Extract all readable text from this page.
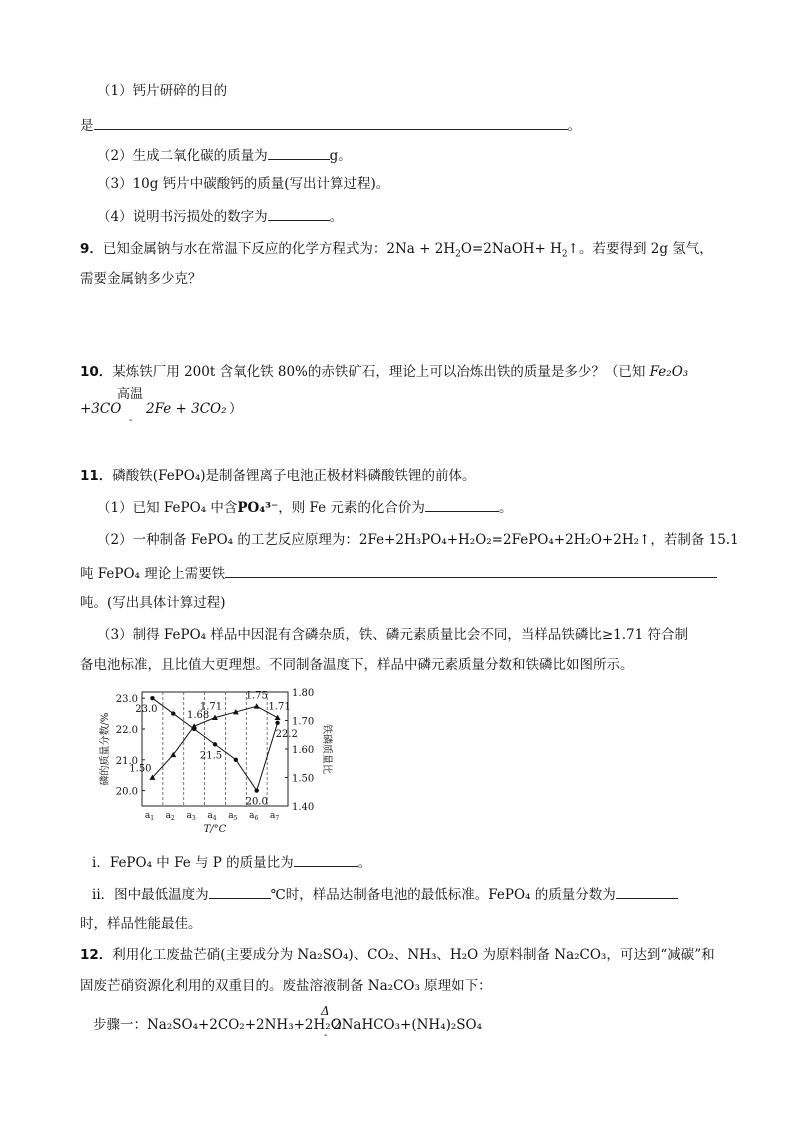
（1）钙片研碎的目的
是	。
（2）生成二氧化碳的质量为	g。
（3）10g 钙片中碳酸钙的质量(写出计算过程)。
（4）说明书污损处的数字为	。
9．已知金属钠与水在常温下反应的化学方程式为：$2Na + 2H_2O=2NaOH+$ $H_2↑$。若要得到 2g 氢气，
需要金属钠多少克？
10．某炼铁厂用 200t 含氧化铁 80%的赤铁矿石，理论上可以冶炼出铁的质量是多少？（已知 Fe₂O₃
+3CO
高温
-
2Fe + 3CO₂ ）
11．磷酸铁(FePO₄)是制备锂离子电池正极材料磷酸铁锂的前体。
（1）已知 FePO₄ 中含PO₄³⁻，则 Fe 元素的化合价为	。
（2）一种制备 FePO₄ 的工艺反应原理为：2Fe+2H₃PO₄+H₂O₂=2FePO₄+2H₂O+2H₂↑，若制备 15.1
吨 FePO₄ 理论上需要铁
吨。(写出具体计算过程)
（3）制得 FePO₄ 样品中因混有含磷杂质，铁、磷元素质量比会不同，当样品铁磷比≥1.71 符合制
备电池标准，且比值大更理想。不同制备温度下，样品中磷元素质量分数和铁磷比如图所示。
23.0
22.0
21.0
20.0
1.80
1.70
1.60
1.50
1.40
$a_1$ $a_2$ $a_3$ $a_4$ $a_5$ $a_6$ $a_7$
T/°C
磷的质量分数/%	铁磷质量比
23.0
21.5
20.0
22.2
1.50
1.68
1.71
1.75
1.71
i．FePO₄ 中 Fe 与 P 的质量比为	。
ii．图中最低温度为	℃时，样品达制备电池的最低标准。FePO₄ 的质量分数为
时，样品性能最佳。
12．利用化工废盐芒硝(主要成分为 Na₂SO₄)、CO₂、NH₃、H₂O 为原料制备 Na₂CO₃，可达到“减碳”和
固废芒硝资源化利用的双重目的。废盐溶液制备 Na₂CO₃ 原理如下：
步骤一：Na₂SO₄+2CO₂+2NH₃+2H₂O
Δ
-
2NaHCO₃+(NH₄)₂SO₄
